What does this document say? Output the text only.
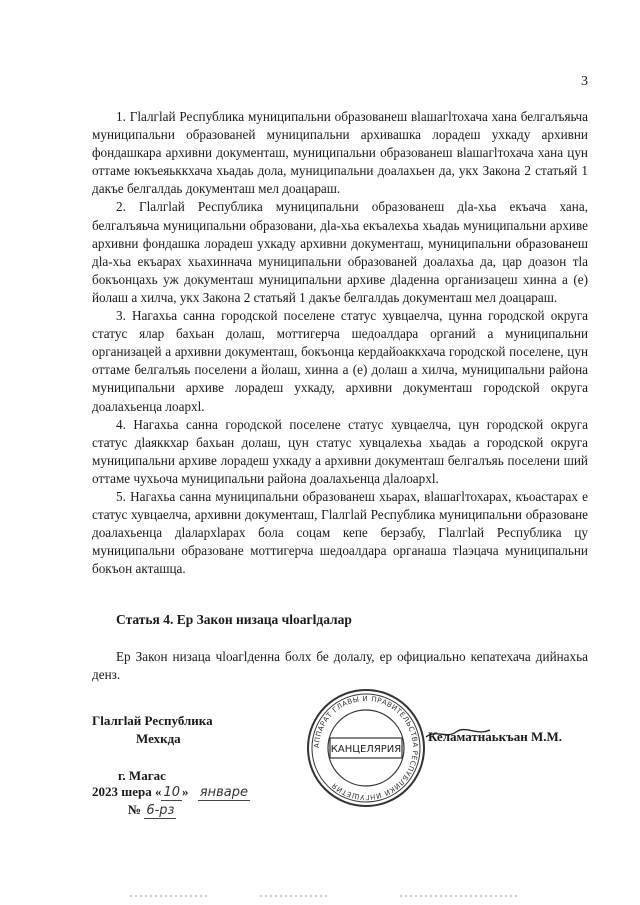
3

1. Гӏалгӏай Республика муниципальни образованеш вӏашагӏтохача хана белгалъяьча муниципальни образованей муниципальни архивашка лорадеш ухкаду архивни фондашкара архивни документаш, муниципальни образованеш вӏашагӏтохача хана цун оттаме юкъеяьккхача хьадаь дола, муниципальни доалахьен да, укх Закона 2 статьяй 1 дакъе белгалдаь документаш мел доацараш.

2. Гӏалгӏай Республика муниципальни образованеш дӏа-хьа екъача хана, белгалъяьча муниципальни образовани, дӏа-хьа екъалехьа хьадаь муниципальни архиве архивни фондашка лорадеш ухкаду архивни документаш, муниципальни образованеш дӏа-хьа екъарах хьахиннача муниципальни образованей доалахьа да, цар доазон тӏа бокъонцахь уж документаш муниципальни архиве дӏаденна организацеш хинна а (е) йолаш а хилча, укх Закона 2 статьяй 1 дакъе белгалдаь документаш мел доацараш.

3. Нагахьа санна городской поселене статус хувцаелча, цунна городской округа статус ялар бахьан долаш, моттигерча шедоалдара органий а муниципальни организацей а архивни документаш, бокъонца кердайоаккхача городской поселене, цун оттаме белгалъяь поселени а йолаш, хинна а (е) долаш а хилча, муниципальни района муниципальни архиве лорадеш ухкаду, архивни документаш городской округа доалахьенца лоархӏ.

4. Нагахьа санна городской поселене статус хувцаелча, цун городской округа статус дӏаяккхар бахьан долаш, цун статус хувцалехьа хьадаь а городской округа муниципальни архиве лорадеш ухкаду а архивни документаш белгалъяь поселени ший оттаме чухьоча муниципальни района доалахьенца дӏалоархӏ.

5. Нагахьа санна муниципальни образованеш хьарах, вӏашагӏтохарах, къоастарах е статус хувцаелча, архивни документаш, Гӏалгӏай Республика муниципальни образоване доалахьенца дӏалархӏарах бола соцам кепе берзабу, Гӏалгӏай Республика цу муниципальни образоване моттигерча шедоалдара органаша тӏаэцача муниципальни бокъон акташца.

Статья 4. Ер Закон низаца чӏоагӏдалар
Ер Закон низаца чӏоагӏденна болх бе долалу, ер официально кепатехача дийнахьа денз.
Гӏалгӏай Республика
Мехкда	АППАРАТ ГЛАВЫ И ПРАВИТЕЛЬСТВА РЕСПУБЛИКИ ИНГУШЕТИЯ
КАНЦЕЛЯРИЯ
Келаматнаькъан М.М.
г. Магас
2023 шера « 10 » январе
№ 6-рз
